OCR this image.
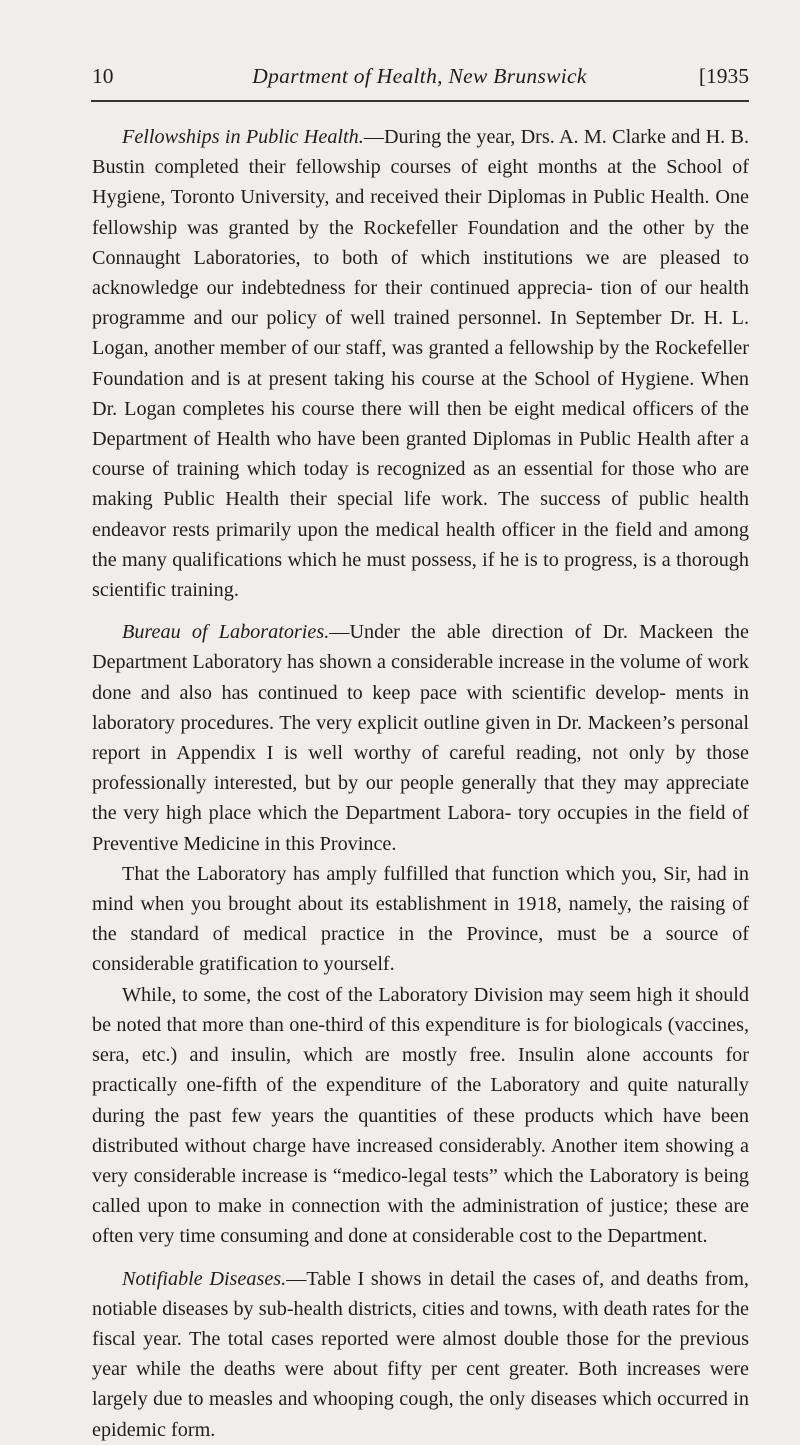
10	Dpartment of Health, New Brunswick	[1935

Fellowships in Public Health.—During the year, Drs. A. M. Clarke and H. B. Bustin completed their fellowship courses of eight months at the School of Hygiene, Toronto University, and received their Diplomas in Public Health. One fellowship was granted by the Rockefeller Foundation and the other by the Connaught Laboratories, to both of which institutions we are pleased to acknowledge our indebtedness for their continued apprecia- tion of our health programme and our policy of well trained personnel. In September Dr. H. L. Logan, another member of our staff, was granted a fellowship by the Rockefeller Foundation and is at present taking his course at the School of Hygiene. When Dr. Logan completes his course there will then be eight medical officers of the Department of Health who have been granted Diplomas in Public Health after a course of training which today is recognized as an essential for those who are making Public Health their special life work. The success of public health endeavor rests primarily upon the medical health officer in the field and among the many qualifications which he must possess, if he is to progress, is a thorough scientific training.

Bureau of Laboratories.—Under the able direction of Dr. Mackeen the Department Laboratory has shown a considerable increase in the volume of work done and also has continued to keep pace with scientific develop- ments in laboratory procedures. The very explicit outline given in Dr. Mackeen’s personal report in Appendix I is well worthy of careful reading, not only by those professionally interested, but by our people generally that they may appreciate the very high place which the Department Labora- tory occupies in the field of Preventive Medicine in this Province.

That the Laboratory has amply fulfilled that function which you, Sir, had in mind when you brought about its establishment in 1918, namely, the raising of the standard of medical practice in the Province, must be a source of considerable gratification to yourself.

While, to some, the cost of the Laboratory Division may seem high it should be noted that more than one-third of this expenditure is for biologicals (vaccines, sera, etc.) and insulin, which are mostly free. Insulin alone accounts for practically one-fifth of the expenditure of the Laboratory and quite naturally during the past few years the quantities of these products which have been distributed without charge have increased considerably. Another item showing a very considerable increase is “medico-legal tests” which the Laboratory is being called upon to make in connection with the administration of justice; these are often very time consuming and done at considerable cost to the Department.

Notifiable Diseases.—Table I shows in detail the cases of, and deaths from, notiable diseases by sub-health districts, cities and towns, with death rates for the fiscal year. The total cases reported were almost double those for the previous year while the deaths were about fifty per cent greater. Both increases were largely due to measles and whooping cough, the only diseases which occurred in epidemic form.
